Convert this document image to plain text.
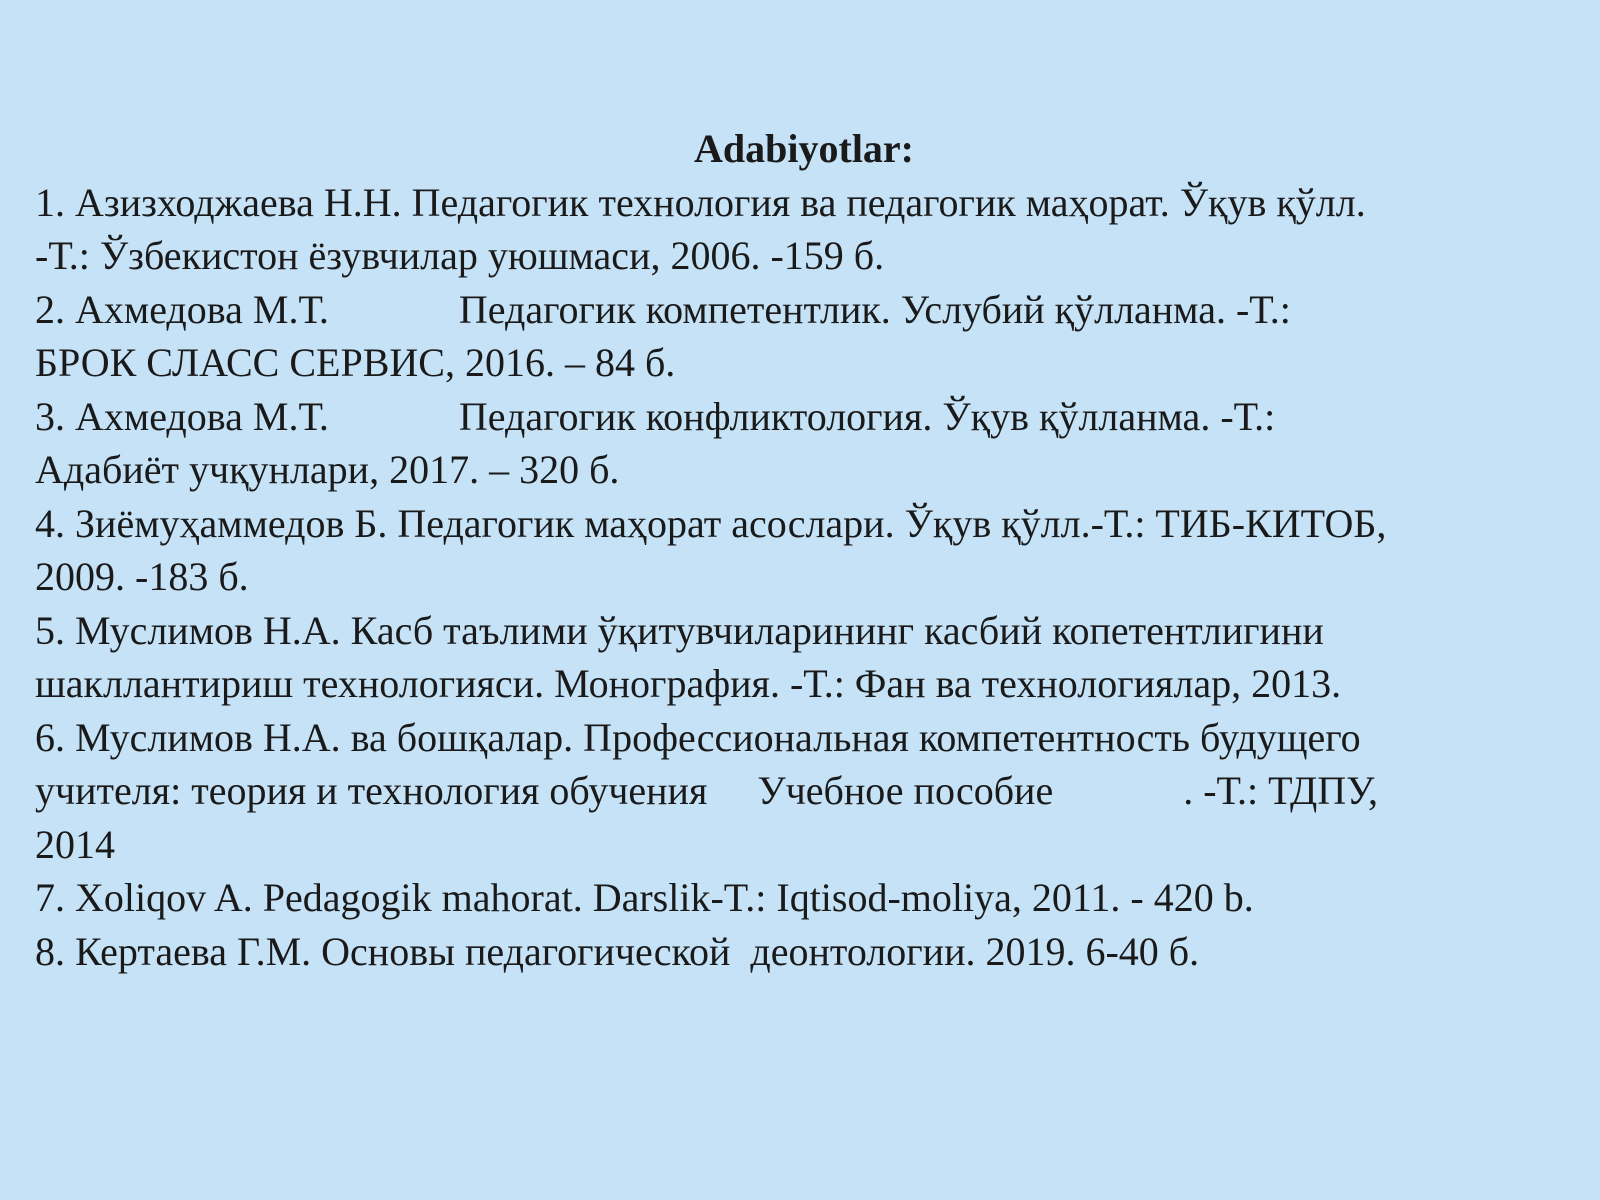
Adabiyotlar:

1. Азизходжаева Н.Н. Педагогик технология ва педагогик маҳорат. Ўқув қўлл.
-Т.: Ўзбекистон ёзувчилар уюшмаси, 2006. -159 б.

2. Ахмедова М.Т.             Педагогик компетентлик. Услубий қўлланма. -Т.:
БРОК СЛАСС СЕРВИС, 2016. – 84 б.

3. Ахмедова М.Т.             Педагогик конфликтология. Ўқув қўлланма. -Т.:
Адабиёт учқунлари, 2017. – 320 б.

4. Зиёмуҳаммедов Б. Педагогик маҳорат асослари. Ўқув қўлл.-Т.: ТИБ-КИТОБ,
2009. -183 б.

5. Муслимов Н.А. Касб таълими ўқитувчиларининг касбий копетентлигини
шакллантириш технологияси. Монография. -Т.: Фан ва технологиялар, 2013.

6. Муслимов Н.А. ва бошқалар. Профессиональная компетентность будущего
учителя: теория и технология обучения     Учебное пособие             . -Т.: ТДПУ,
2014

7. Xoliqov A. Pedagogik mahorat. Darslik-T.: Iqtisod-moliya, 2011. - 420 b.

8. Кертаева Г.М. Основы педагогической  деонтологии. 2019. 6-40 б.
